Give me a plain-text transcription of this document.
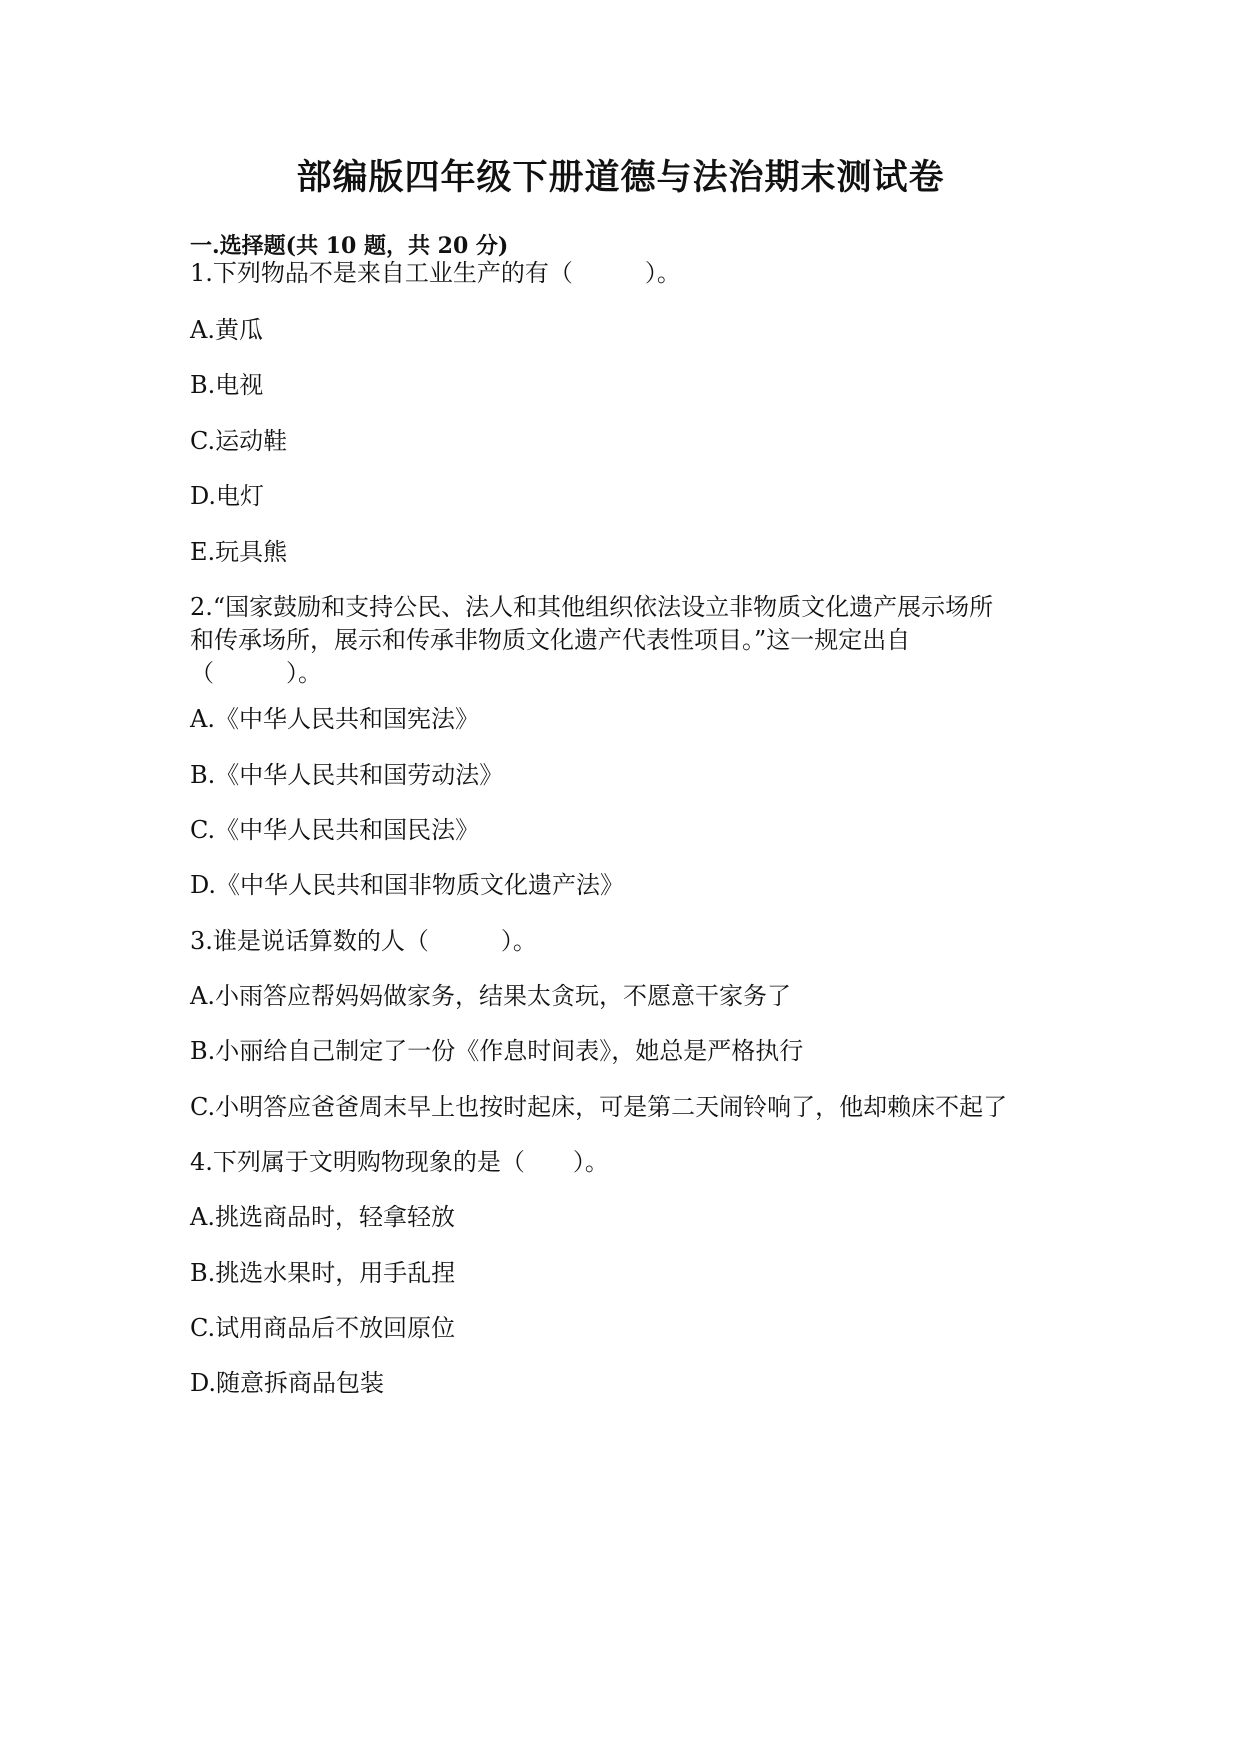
部编版四年级下册道德与法治期末测试卷
一.选择题(共 10 题，共 20 分)
1.下列物品不是来自工业生产的有（　　　）。
A.黄瓜
B.电视
C.运动鞋
D.电灯
E.玩具熊
2.“国家鼓励和支持公民、法人和其他组织依法设立非物质文化遗产展示场所
和传承场所，展示和传承非物质文化遗产代表性项目。”这一规定出自
（　　　）。
A.《中华人民共和国宪法》
B.《中华人民共和国劳动法》
C.《中华人民共和国民法》
D.《中华人民共和国非物质文化遗产法》
3.谁是说话算数的人（　　　）。
A.小雨答应帮妈妈做家务，结果太贪玩，不愿意干家务了
B.小丽给自己制定了一份《作息时间表》，她总是严格执行
C.小明答应爸爸周末早上也按时起床，可是第二天闹铃响了，他却赖床不起了
4.下列属于文明购物现象的是（　　）。
A.挑选商品时，轻拿轻放
B.挑选水果时，用手乱捏
C.试用商品后不放回原位
D.随意拆商品包装
